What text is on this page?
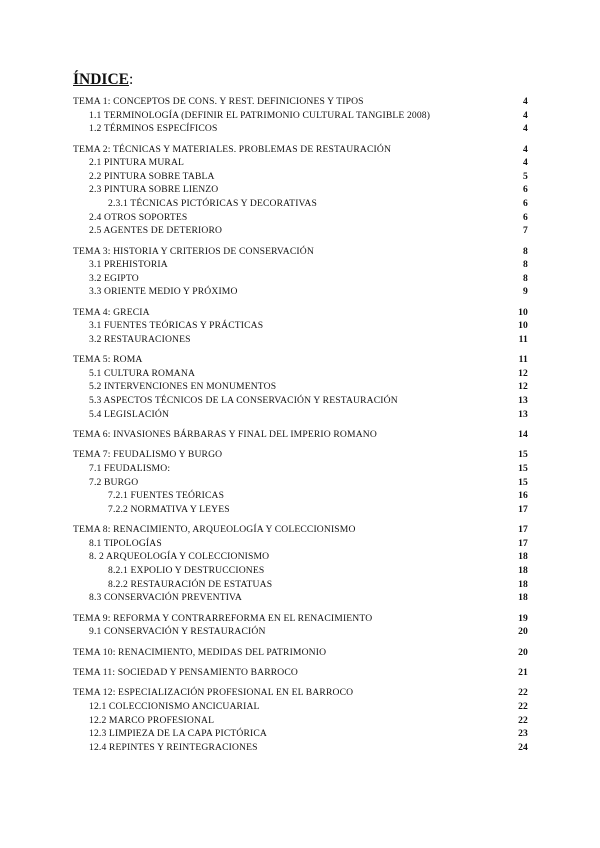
ÍNDICE:
TEMA 1: CONCEPTOS DE CONS. Y REST. DEFINICIONES Y TIPOS	4
1.1 TERMINOLOGÍA (DEFINIR EL PATRIMONIO CULTURAL TANGIBLE 2008)	4
1.2 TÉRMINOS ESPECÍFICOS	4
TEMA 2: TÉCNICAS Y MATERIALES. PROBLEMAS DE RESTAURACIÓN	4
2.1 PINTURA MURAL	4
2.2 PINTURA SOBRE TABLA	5
2.3 PINTURA SOBRE LIENZO	6
2.3.1 TÉCNICAS PICTÓRICAS Y DECORATIVAS	6
2.4 OTROS SOPORTES	6
2.5 AGENTES DE DETERIORO	7
TEMA 3: HISTORIA Y CRITERIOS DE CONSERVACIÓN	8
3.1 PREHISTORIA	8
3.2 EGIPTO	8
3.3 ORIENTE MEDIO Y PRÓXIMO	9
TEMA 4: GRECIA	10
3.1 FUENTES TEÓRICAS Y PRÁCTICAS	10
3.2 RESTAURACIONES	11
TEMA 5: ROMA	11
5.1 CULTURA ROMANA	12
5.2 INTERVENCIONES EN MONUMENTOS	12
5.3 ASPECTOS TÉCNICOS DE LA CONSERVACIÓN Y RESTAURACIÓN	13
5.4 LEGISLACIÓN	13
TEMA 6: INVASIONES BÁRBARAS Y FINAL DEL IMPERIO ROMANO	14
TEMA 7: FEUDALISMO Y BURGO	15
7.1 FEUDALISMO:	15
7.2 BURGO	15
7.2.1 FUENTES TEÓRICAS	16
7.2.2 NORMATIVA Y LEYES	17
TEMA 8: RENACIMIENTO, ARQUEOLOGÍA Y COLECCIONISMO	17
8.1 TIPOLOGÍAS	17
8. 2 ARQUEOLOGÍA Y COLECCIONISMO	18
8.2.1 EXPOLIO Y DESTRUCCIONES	18
8.2.2 RESTAURACIÓN DE ESTATUAS	18
8.3 CONSERVACIÓN PREVENTIVA	18
TEMA 9: REFORMA Y CONTRARREFORMA EN EL RENACIMIENTO	19
9.1 CONSERVACIÓN Y RESTAURACIÓN	20
TEMA 10: RENACIMIENTO, MEDIDAS DEL PATRIMONIO	20
TEMA 11: SOCIEDAD Y PENSAMIENTO BARROCO	21
TEMA 12: ESPECIALIZACIÓN PROFESIONAL EN EL BARROCO	22
12.1 COLECCIONISMO ANCICUARIAL	22
12.2 MARCO PROFESIONAL	22
12.3 LIMPIEZA DE LA CAPA PICTÓRICA	23
12.4 REPINTES Y REINTEGRACIONES	24
